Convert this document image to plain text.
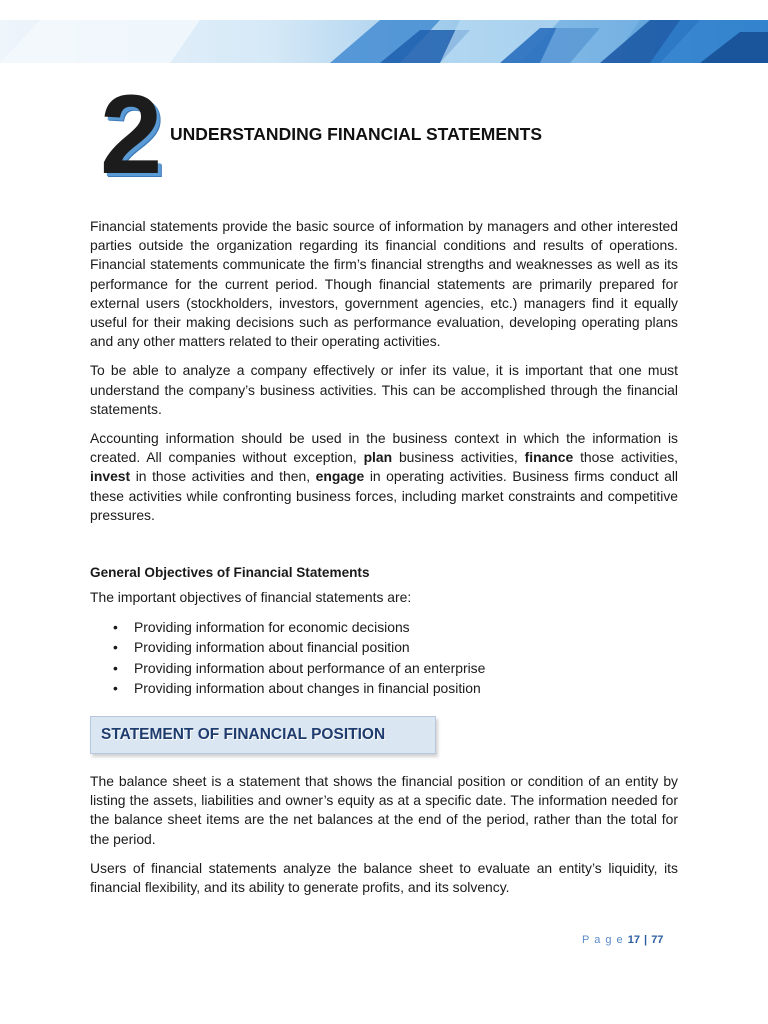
2 UNDERSTANDING FINANCIAL STATEMENTS

Financial statements provide the basic source of information by managers and other interested parties outside the organization regarding its financial conditions and results of operations. Financial statements communicate the firm’s financial strengths and weaknesses as well as its performance for the current period. Though financial statements are primarily prepared for external users (stockholders, investors, government agencies, etc.) managers find it equally useful for their making decisions such as performance evaluation, developing operating plans and any other matters related to their operating activities.

To be able to analyze a company effectively or infer its value, it is important that one must understand the company’s business activities. This can be accomplished through the financial statements.

Accounting information should be used in the business context in which the information is created. All companies without exception, plan business activities, finance those activities, invest in those activities and then, engage in operating activities. Business firms conduct all these activities while confronting business forces, including market constraints and competitive pressures.

General Objectives of Financial Statements

The important objectives of financial statements are:

• Providing information for economic decisions
• Providing information about financial position
• Providing information about performance of an enterprise
• Providing information about changes in financial position
STATEMENT OF FINANCIAL POSITION

The balance sheet is a statement that shows the financial position or condition of an entity by listing the assets, liabilities and owner’s equity as at a specific date. The information needed for the balance sheet items are the net balances at the end of the period, rather than the total for the period.

Users of financial statements analyze the balance sheet to evaluate an entity’s liquidity, its financial flexibility, and its ability to generate profits, and its solvency.

P a g e 17 | 77
